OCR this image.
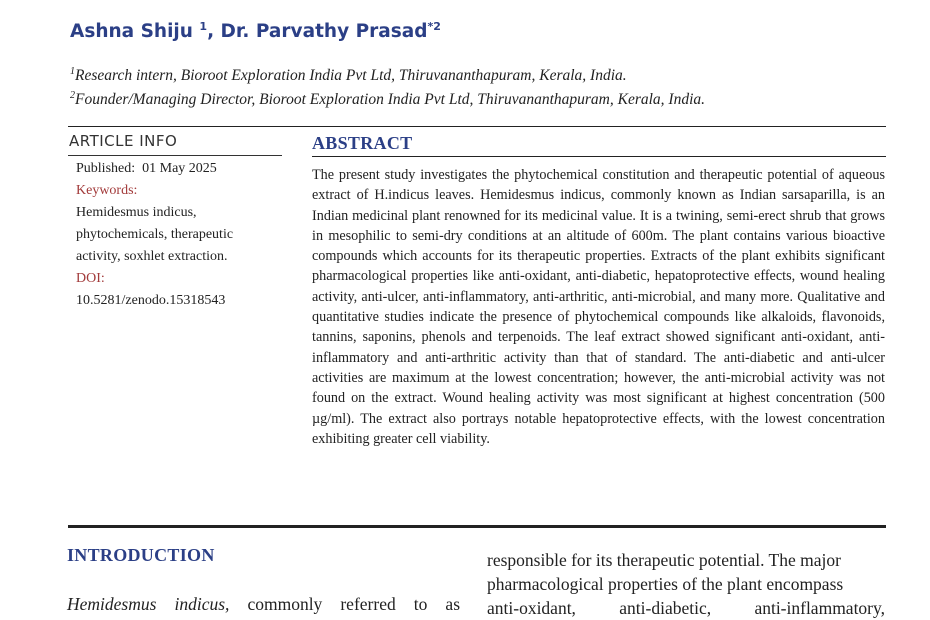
Ashna Shiju $^1$, Dr. Parvathy Prasad$^{*2}$
$^1$Research intern, Bioroot Exploration India Pvt Ltd, Thiruvananthapuram, Kerala, India.
$^2$Founder/Managing Director, Bioroot Exploration India Pvt Ltd, Thiruvananthapuram, Kerala, India.
ARTICLE INFO
Published: 01 May 2025
Keywords:
Hemidesmus indicus, phytochemicals, therapeutic activity, soxhlet extraction.
DOI:
10.5281/zenodo.15318543
ABSTRACT
The present study investigates the phytochemical constitution and therapeutic potential of aqueous extract of H.indicus leaves. Hemidesmus indicus, commonly known as Indian sarsaparilla, is an Indian medicinal plant renowned for its medicinal value. It is a twining, semi-erect shrub that grows in mesophilic to semi-dry conditions at an altitude of 600m. The plant contains various bioactive compounds which accounts for its therapeutic properties. Extracts of the plant exhibits significant pharmacological properties like anti-oxidant, anti-diabetic, hepatoprotective effects, wound healing activity, anti-ulcer, anti-inflammatory, anti-arthritic, anti-microbial, and many more. Qualitative and quantitative studies indicate the presence of phytochemical compounds like alkaloids, flavonoids, tannins, saponins, phenols and terpenoids. The leaf extract showed significant anti-oxidant, anti-inflammatory and anti-arthritic activity than that of standard. The anti-diabetic and anti-ulcer activities are maximum at the lowest concentration; however, the anti-microbial activity was not found on the extract. Wound healing activity was most significant at highest concentration (500 µg/ml). The extract also portrays notable hepatoprotective effects, with the lowest concentration exhibiting greater cell viability.
INTRODUCTION
Hemidesmus indicus, commonly referred to as
responsible for its therapeutic potential. The major
pharmacological properties of the plant encompass
anti-oxidant, anti-diabetic, anti-inflammatory,
